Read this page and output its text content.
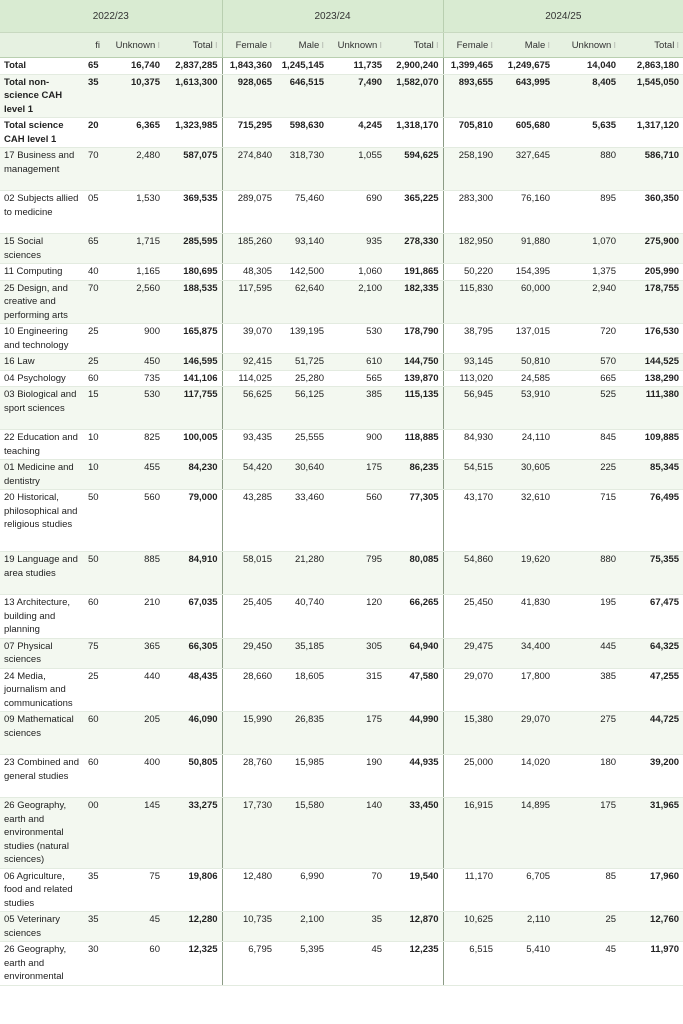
2022/23				2023/24				2024/25			
	fi	Unknown ⁝	Total ⁝	Female ⁝	Male ⁝	Unknown ⁝	Total ⁝	Female ⁝	Male ⁝	Unknown ⁝	Total ⁝
Total	65	16,740	2,837,285	1,843,360	1,245,145	11,735	2,900,240	1,399,465	1,249,675	14,040	2,863,180
Total non-science CAH level 1	35	10,375	1,613,300	928,065	646,515	7,490	1,582,070	893,655	643,995	8,405	1,545,050
Total science CAH level 1	20	6,365	1,323,985	715,295	598,630	4,245	1,318,170	705,810	605,680	5,635	1,317,120
17 Business and management	70	2,480	587,075	274,840	318,730	1,055	594,625	258,190	327,645	880	586,710
02 Subjects allied to medicine	05	1,530	369,535	289,075	75,460	690	365,225	283,300	76,160	895	360,350
15 Social sciences	65	1,715	285,595	185,260	93,140	935	278,330	182,950	91,880	1,070	275,900
11 Computing	40	1,165	180,695	48,305	142,500	1,060	191,865	50,220	154,395	1,375	205,990
25 Design, and creative and performing arts	70	2,560	188,535	117,595	62,640	2,100	182,335	115,830	60,000	2,940	178,755
10 Engineering and technology	25	900	165,875	39,070	139,195	530	178,790	38,795	137,015	720	176,530
16 Law	25	450	146,595	92,415	51,725	610	144,750	93,145	50,810	570	144,525
04 Psychology	60	735	141,106	114,025	25,280	565	139,870	113,020	24,585	665	138,290
03 Biological and sport sciences	15	530	117,755	56,625	56,125	385	115,135	56,945	53,910	525	111,380
22 Education and teaching	10	825	100,005	93,435	25,555	900	118,885	84,930	24,110	845	109,885
01 Medicine and dentistry	10	455	84,230	54,420	30,640	175	86,235	54,515	30,605	225	85,345
20 Historical, philosophical and religious studies	50	560	79,000	43,285	33,460	560	77,305	43,170	32,610	715	76,495
19 Language and area studies	50	885	84,910	58,015	21,280	795	80,085	54,860	19,620	880	75,355
13 Architecture, building and planning	60	210	67,035	25,405	40,740	120	66,265	25,450	41,830	195	67,475
07 Physical sciences	75	365	66,305	29,450	35,185	305	64,940	29,475	34,400	445	64,325
24 Media, journalism and communications	25	440	48,435	28,660	18,605	315	47,580	29,070	17,800	385	47,255
09 Mathematical sciences	60	205	46,090	15,990	26,835	175	44,990	15,380	29,070	275	44,725
23 Combined and general studies	60	400	50,805	28,760	15,985	190	44,935	25,000	14,020	180	39,200
26 Geography, earth and environmental studies (natural sciences)	00	145	33,275	17,730	15,580	140	33,450	16,915	14,895	175	31,965
06 Agriculture, food and related studies	35	75	19,806	12,480	6,990	70	19,540	11,170	6,705	85	17,960
05 Veterinary sciences	35	45	12,280	10,735	2,100	35	12,870	10,625	2,110	25	12,760
26 Geography, earth and environmental	30	60	12,325	6,795	5,395	45	12,235	6,515	5,410	45	11,970
